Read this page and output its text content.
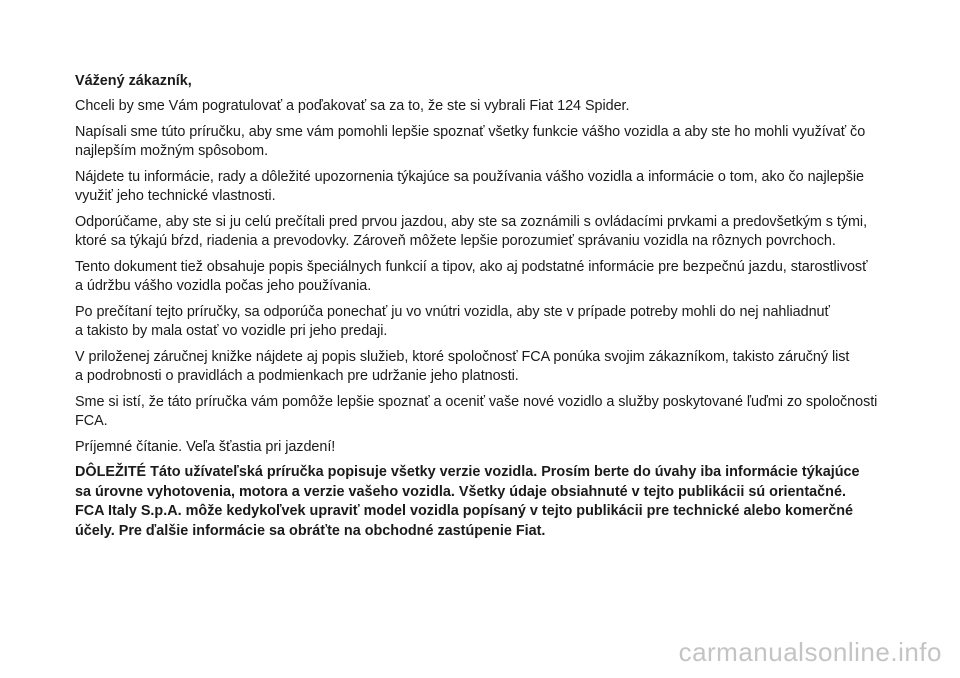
Vážený zákazník,
Chceli by sme Vám pogratulovať a poďakovať sa za to, že ste si vybrali Fiat 124 Spider.
Napísali sme túto príručku, aby sme vám pomohli lepšie spoznať všetky funkcie vášho vozidla a aby ste ho mohli využívať čo
najlepším možným spôsobom.
Nájdete tu informácie, rady a dôležité upozornenia týkajúce sa používania vášho vozidla a informácie o tom, ako čo najlepšie
využiť jeho technické vlastnosti.
Odporúčame, aby ste si ju celú prečítali pred prvou jazdou, aby ste sa zoznámili s ovládacími prvkami a predovšetkým s tými,
ktoré sa týkajú bŕzd, riadenia a prevodovky. Zároveň môžete lepšie porozumieť správaniu vozidla na rôznych povrchoch.
Tento dokument tiež obsahuje popis špeciálnych funkcií a tipov, ako aj podstatné informácie pre bezpečnú jazdu, starostlivosť
a údržbu vášho vozidla počas jeho používania.
Po prečítaní tejto príručky, sa odporúča ponechať ju vo vnútri vozidla, aby ste v prípade potreby mohli do nej nahliadnuť
a takisto by mala ostať vo vozidle pri jeho predaji.
V priloženej záručnej knižke nájdete aj popis služieb, ktoré spoločnosť FCA ponúka svojim zákazníkom, takisto záručný list
a podrobnosti o pravidlách a podmienkach pre udržanie jeho platnosti.
Sme si istí, že táto príručka vám pomôže lepšie spoznať a oceniť vaše nové vozidlo a služby poskytované ľuďmi zo spoločnosti
FCA.
Príjemné čítanie. Veľa šťastia pri jazdení!
DÔLEŽITÉ Táto užívateľská príručka popisuje všetky verzie vozidla. Prosím berte do úvahy iba informácie týkajúce
sa úrovne vyhotovenia, motora a verzie vašeho vozidla. Všetky údaje obsiahnuté v tejto publikácii sú orientačné.
FCA Italy S.p.A. môže kedykoľvek upraviť model vozidla popísaný v tejto publikácii pre technické alebo komerčné
účely. Pre ďalšie informácie sa obráťte na obchodné zastúpenie Fiat.
carmanualsonline.info
